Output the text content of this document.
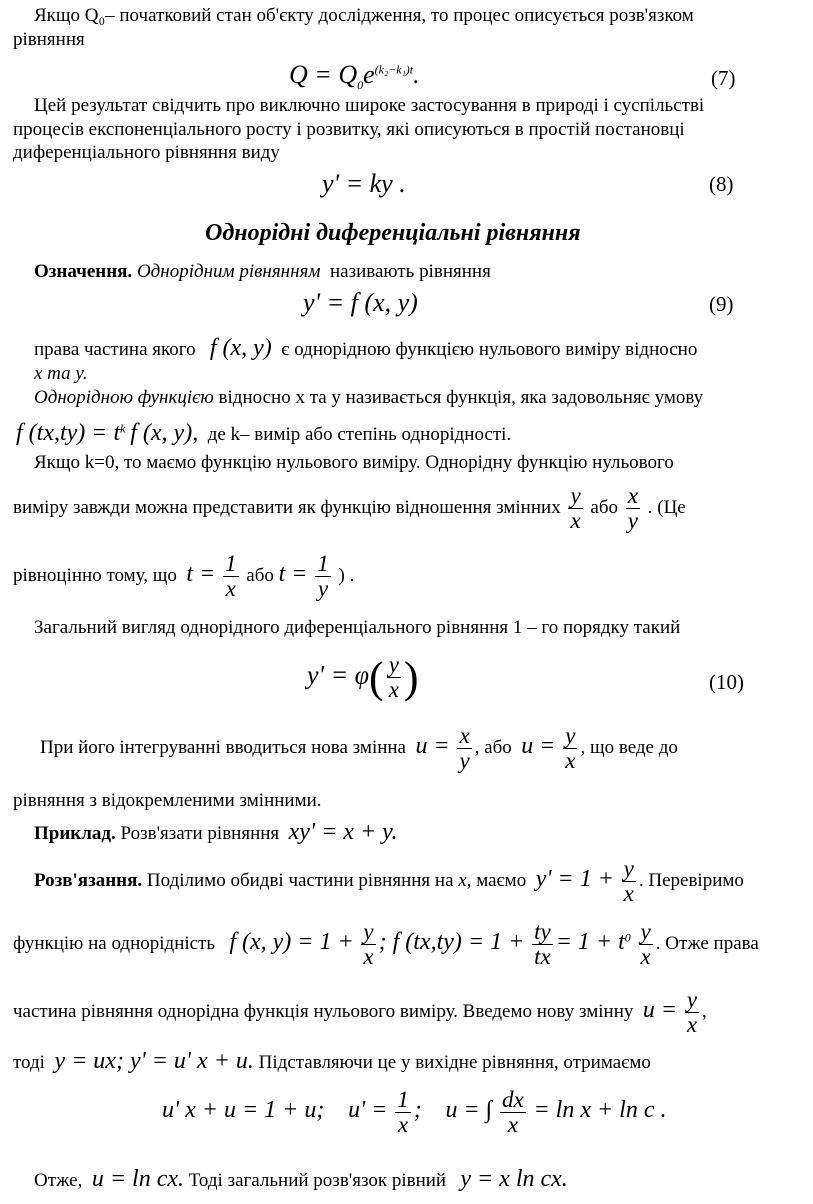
Якщо Q₀– початковий стан об'єкту дослідження, то процес описується розв'язком
рівняння
$Q = Q_0e^{(k_2-k_1)t}$.	(7)
Цей результат свідчить про виключно широке застосування в природі і суспільстві
процесів експоненціального росту і розвитку, які описуються в простій постановці
диференціального рівняння виду
y' = ky .	(8)
Однорідні диференціальні рівняння
Означення. Однорідним рівнянням називають рівняння
y' = f (x, y)	(9)
права частина якого f (x, y) є однорідною функцією нульового виміру відносно
x та y.
Однорідною функцією відносно x та y називається функція, яка задовольняє умову
f $(tx,ty) = t^k$ f (x, y), де k– вимір або степінь однорідності.
Якщо k=0, то маємо функцію нульового виміру. Однорідну функцію нульового
виміру завжди можна представити як функцію відношення змінних $\frac{y}{x}$ або $\frac{x}{y}$ . (Це
рівноцінно тому, що $t = \frac{1}{x}$ або $t = \frac{1}{y}$ ) .
Загальний вигляд однорідного диференціального рівняння 1 – го порядку такий
$y' = \varphi( \frac{y}{x}$ )	(10)
При його інтегруванні вводиться нова змінна $u = \frac{x}{y}$ , або $u = \frac{y}{x}$ , що веде до
рівняння з відокремленими змінними.
Приклад. Розв'язати рівняння xy' = x + y.
Розв'язання. Поділимо обидві частини рівняння на x, маємо $y' = 1 + \frac{y}{x}$ . Перевіримо
функцію на однорідність f (x, $y) = 1 + \frac{y}{x}$ ; f $(tx,ty) = 1 + \frac{ty}{tx} = 1 + t^0 \frac{y}{x}$ . Отже права
частина рівняння однорідна функція нульового виміру. Введемо нову змінну $u = \frac{y}{x}$ ,
тоді y = ux; y' = u' x + u. Підставляючи це у вихідне рівняння, отримаємо
u' x + u = 1 + u; $u' = \frac{1}{x}$ ; u = ∫ $\frac{dx}{x} = \ln x + \ln c$ .
Отже, u = ln cx. Тоді загальний розв'язок рівний y = x ln cx.
